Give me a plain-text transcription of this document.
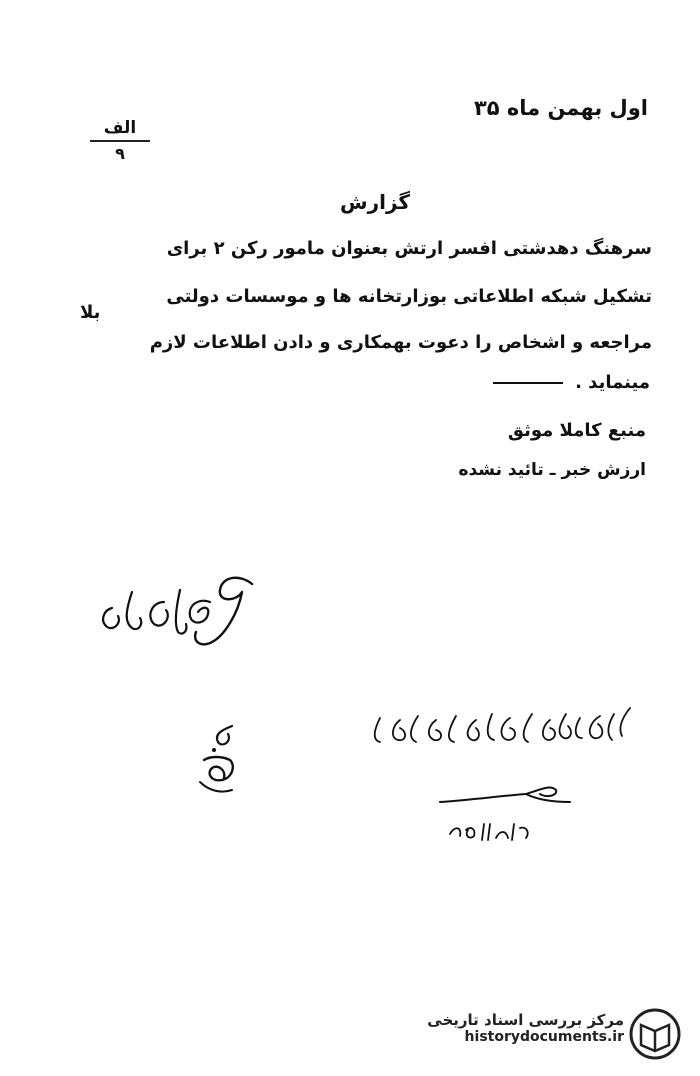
اول بهمن ماه ۳۵
الف
۹
گزارش
سرهنگ دهدشتی افسر ارتش بعنوان مامور رکن ۲ برای
تشکیل شبکه اطلاعاتی بوزارتخانه ها و موسسات دولتی
مراجعه و اشخاص را دعوت بهمکاری و دادن اطلاعات لازم
مینماید .
بلا
منبع کاملا موثق
ارزش خبر ـ تائید نشده
مرکز بررسی اسناد تاریخی
historydocuments.ir
